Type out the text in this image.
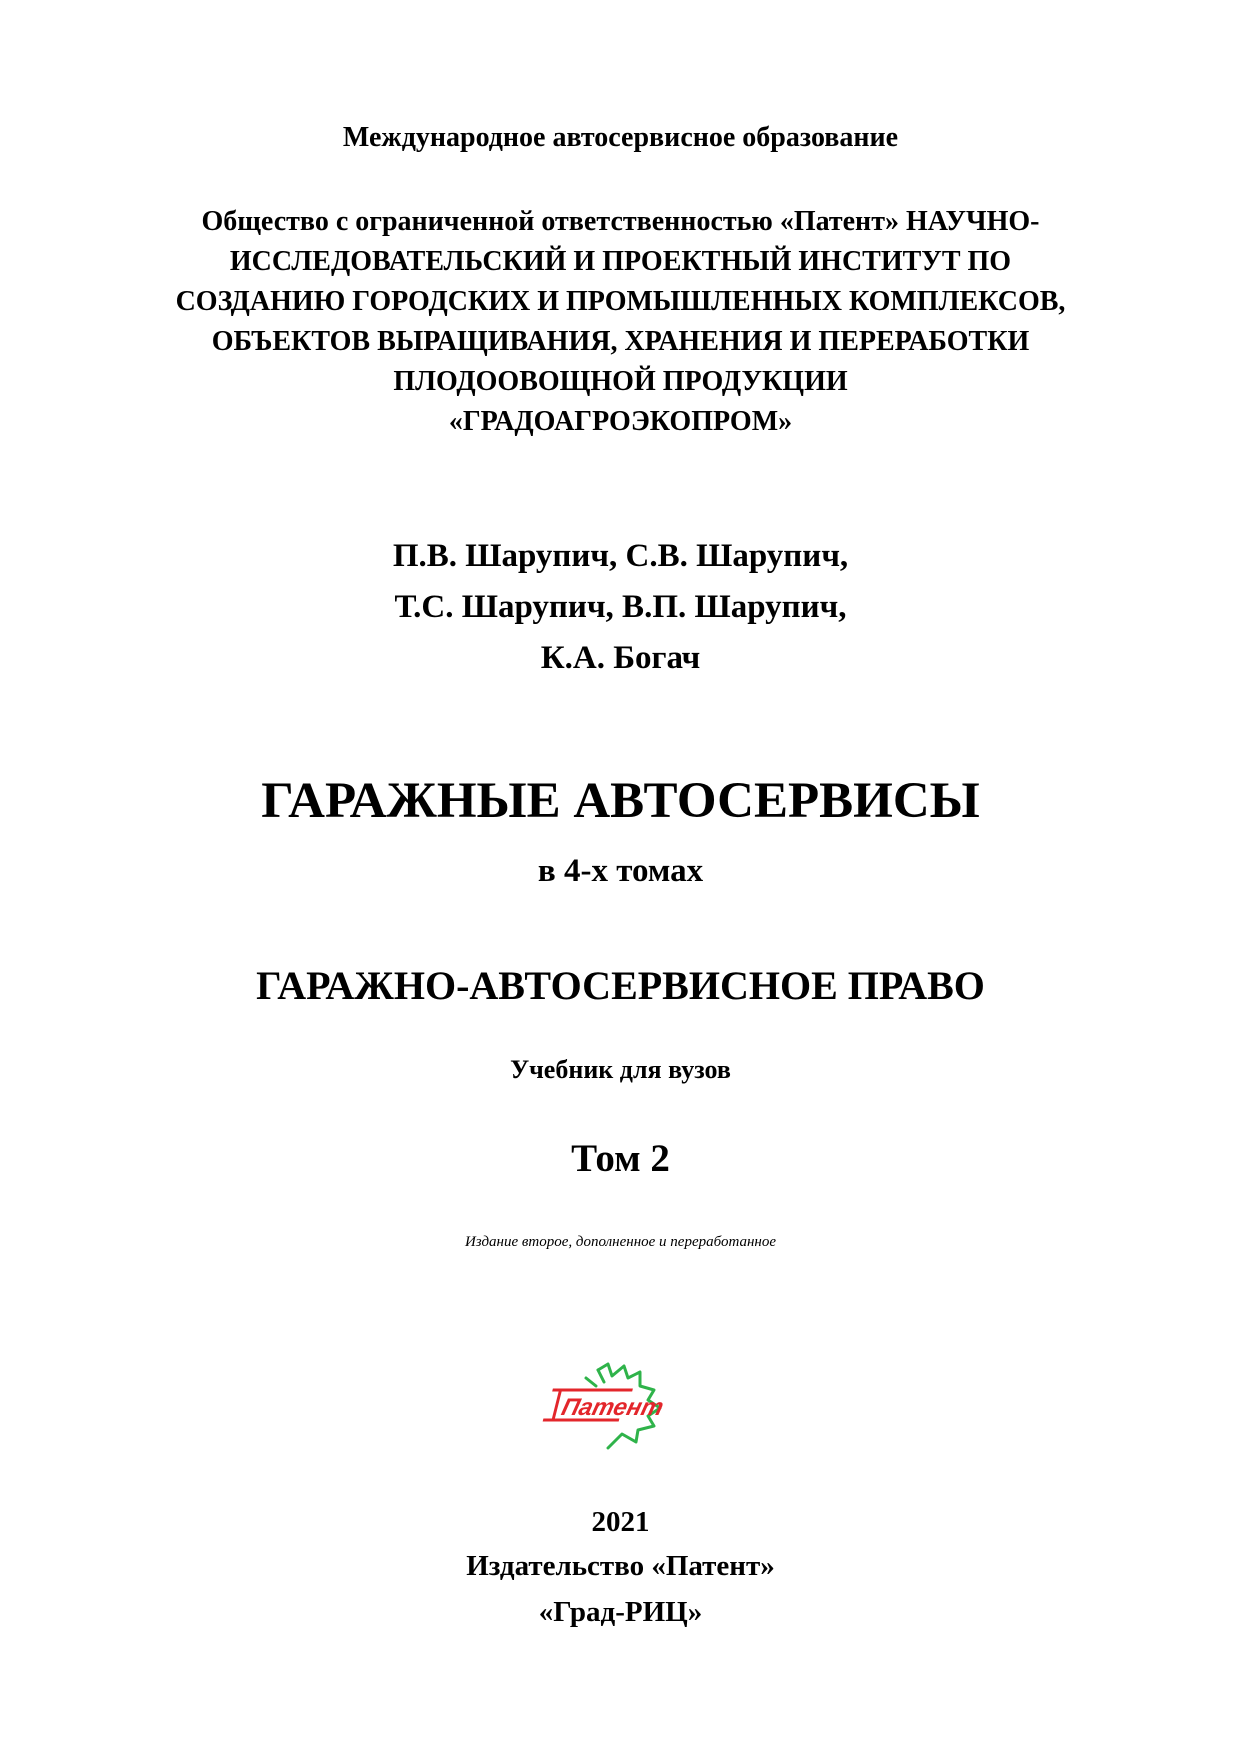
Международное автосервисное образование
Общество с ограниченной ответственностью «Патент» НАУЧНО-
ИССЛЕДОВАТЕЛЬСКИЙ И ПРОЕКТНЫЙ ИНСТИТУТ ПО
СОЗДАНИЮ ГОРОДСКИХ И ПРОМЫШЛЕННЫХ КОМПЛЕКСОВ,
ОБЪЕКТОВ ВЫРАЩИВАНИЯ, ХРАНЕНИЯ И ПЕРЕРАБОТКИ
ПЛОДООВОЩНОЙ ПРОДУКЦИИ
«ГРАДОАГРОЭКОПРОМ»
П.В. Шарупич, С.В. Шарупич,
Т.С. Шарупич, В.П. Шарупич,
К.А. Богач
ГАРАЖНЫЕ АВТОСЕРВИСЫ
в 4-х томах
ГАРАЖНО-АВТОСЕРВИСНОЕ ПРАВО
Учебник для вузов
Том 2
Издание второе, дополненное и переработанное
Патент
2021
Издательство «Патент»
«Град-РИЦ»
